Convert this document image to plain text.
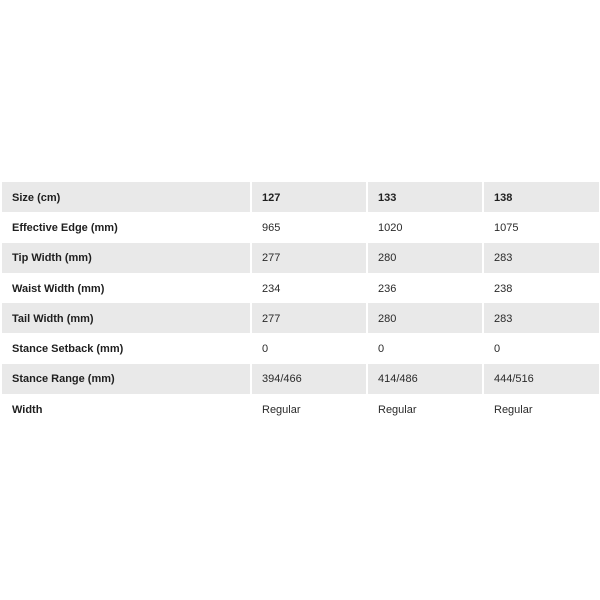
Size (cm)	127	133	138
Effective Edge (mm)	965	1020	1075
Tip Width (mm)	277	280	283
Waist Width (mm)	234	236	238
Tail Width (mm)	277	280	283
Stance Setback (mm)	0	0	0
Stance Range (mm)	394/466	414/486	444/516
Width	Regular	Regular	Regular
